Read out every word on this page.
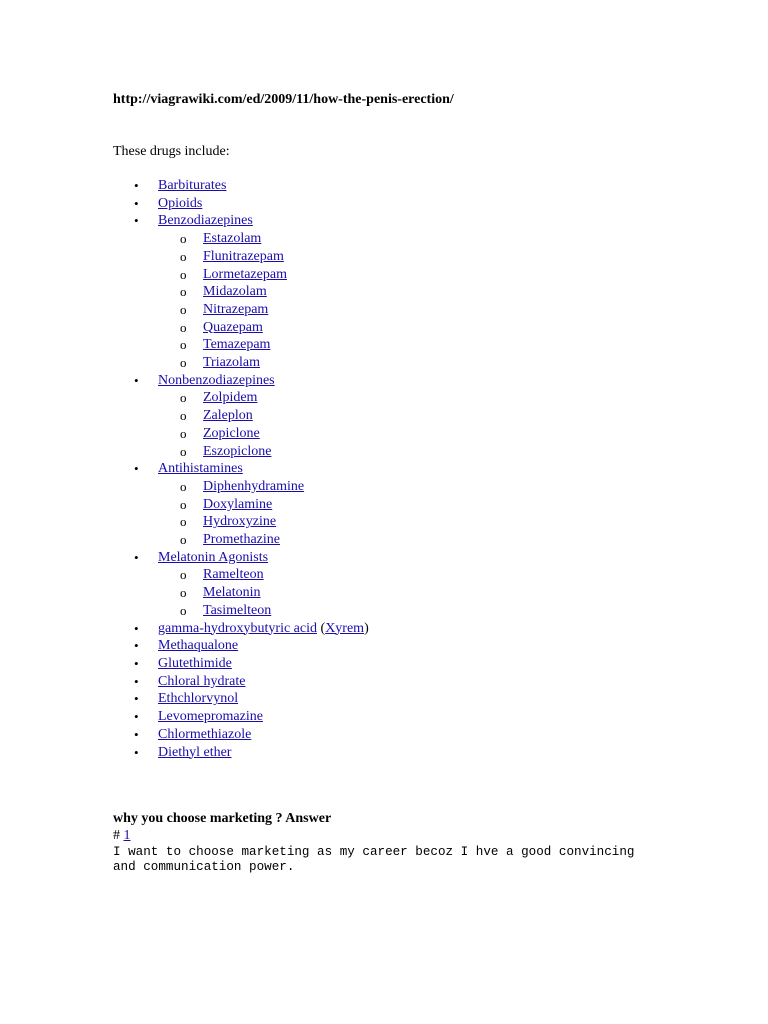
http://viagrawiki.com/ed/2009/11/how-the-penis-erection/

These drugs include:

• Barbiturates
• Opioids
• Benzodiazepines
o Estazolam
o Flunitrazepam
o Lormetazepam
o Midazolam
o Nitrazepam
o Quazepam
o Temazepam
o Triazolam
• Nonbenzodiazepines
o Zolpidem
o Zaleplon
o Zopiclone
o Eszopiclone
• Antihistamines
o Diphenhydramine
o Doxylamine
o Hydroxyzine
o Promethazine
• Melatonin Agonists
o Ramelteon
o Melatonin
o Tasimelteon
• gamma-hydroxybutyric acid (Xyrem)
• Methaqualone
• Glutethimide
• Chloral hydrate
• Ethchlorvynol
• Levomepromazine
• Chlormethiazole
• Diethyl ether

why you choose marketing ? Answer

# 1

I want to choose marketing as my career becoz I hve a good convincing
and communication power.
